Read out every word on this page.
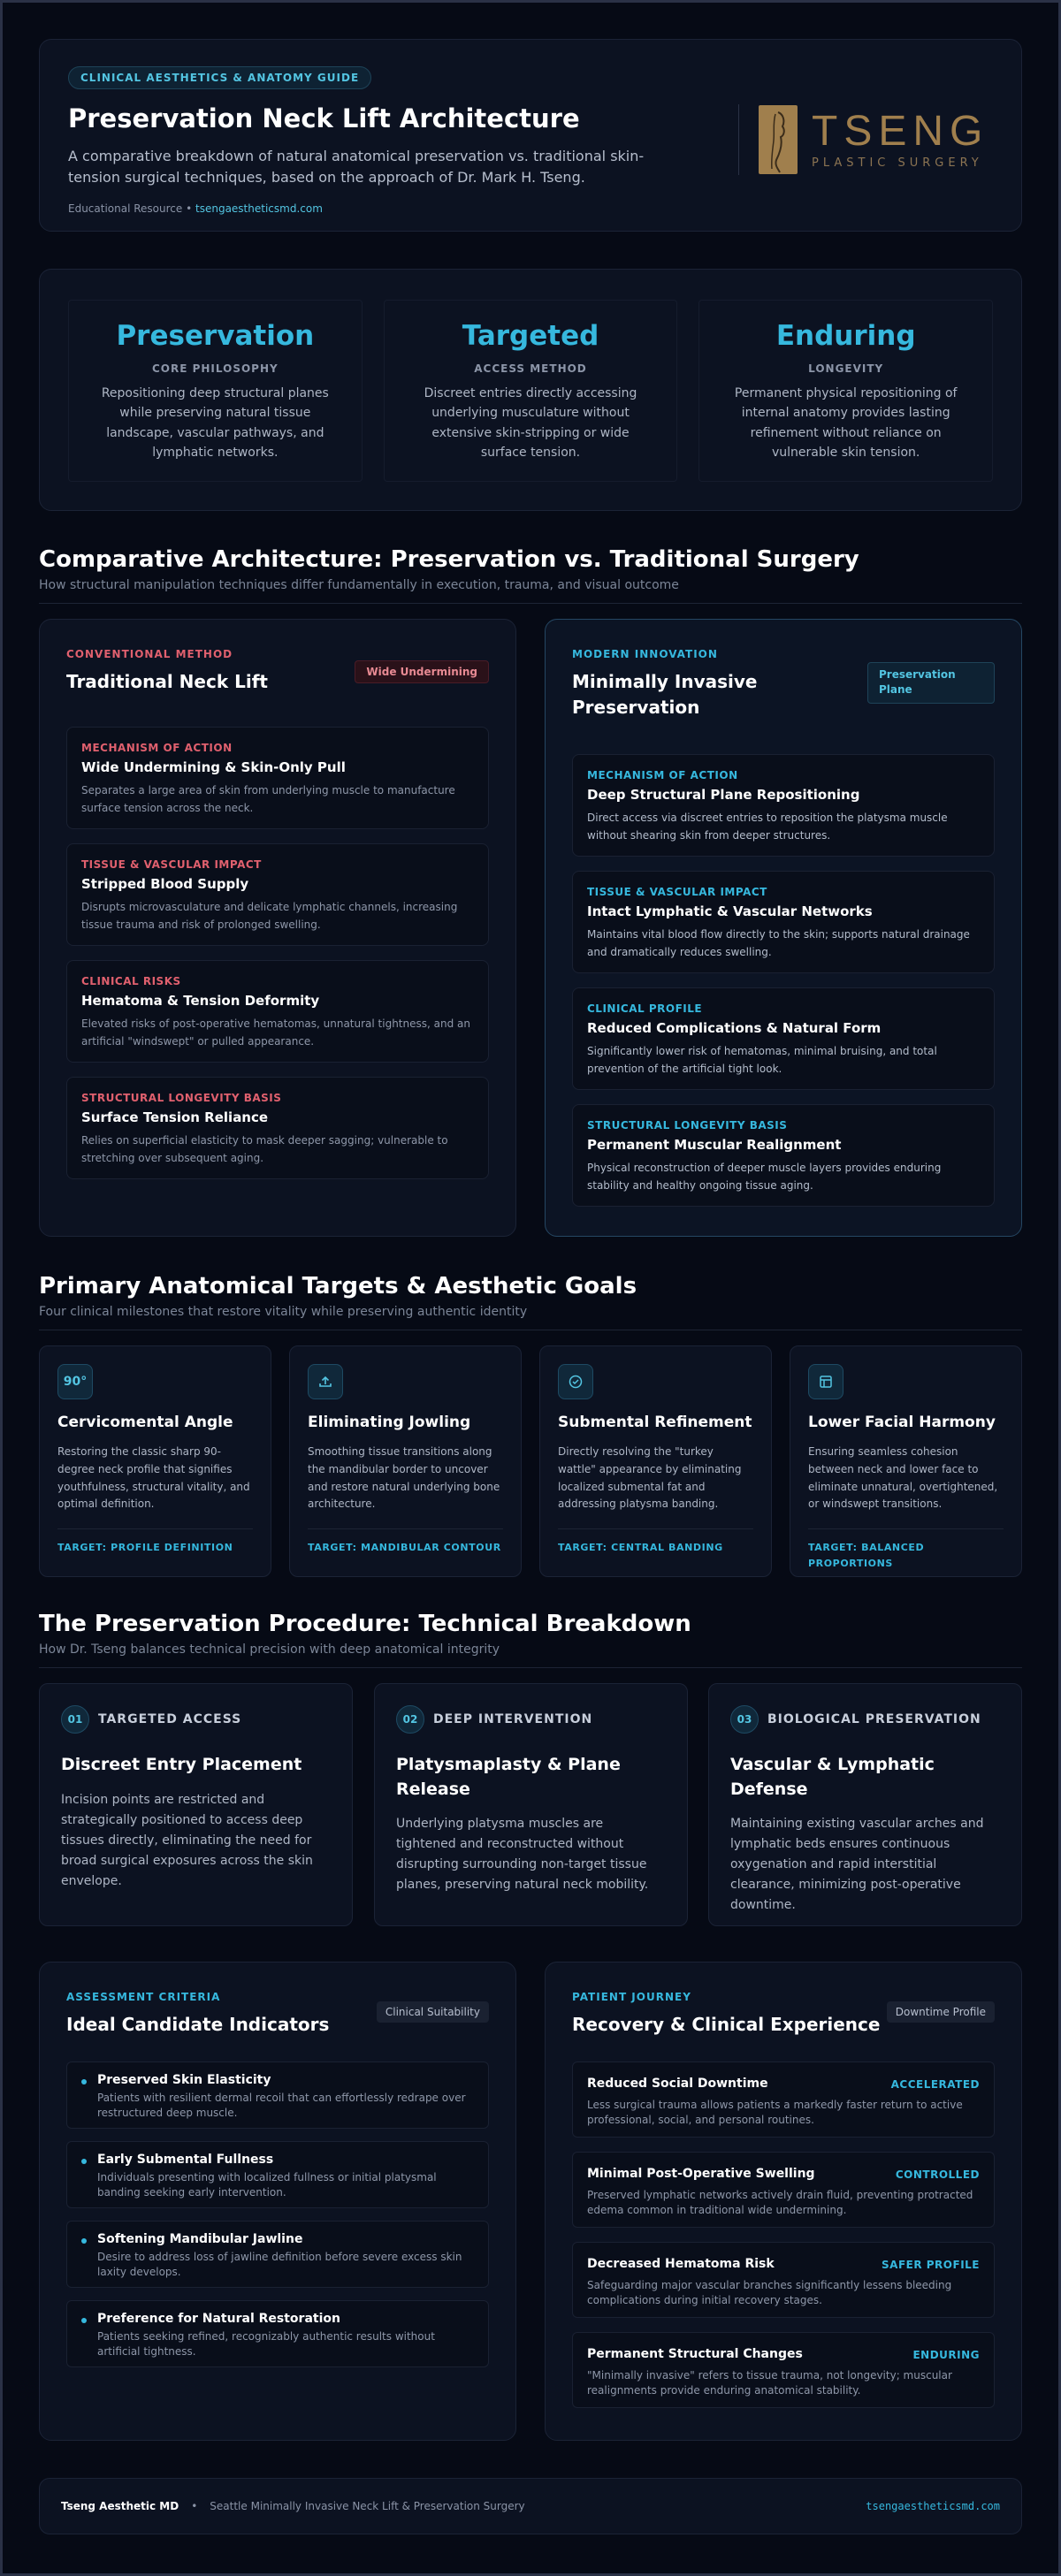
CLINICAL AESTHETICS & ANATOMY GUIDE
Preservation Neck Lift Architecture
A comparative breakdown of natural anatomical preservation vs. traditional skin-tension surgical techniques, based on the approach of Dr. Mark H. Tseng.
Educational Resource • tsengaestheticsmd.com
TSENG
PLASTIC SURGERY
Preservation
CORE PHILOSOPHY

Repositioning deep structural planes while preserving natural tissue landscape, vascular pathways, and lymphatic networks.

Targeted
ACCESS METHOD

Discreet entries directly accessing underlying musculature without extensive skin-stripping or wide surface tension.

Enduring
LONGEVITY

Permanent physical repositioning of internal anatomy provides lasting refinement without reliance on vulnerable skin tension.

Comparative Architecture: Preservation vs. Traditional Surgery
How structural manipulation techniques differ fundamentally in execution, trauma, and visual outcome
CONVENTIONAL METHOD
Traditional Neck Lift	Wide Undermining
MECHANISM OF ACTION
Wide Undermining & Skin-Only Pull
Separates a large area of skin from underlying muscle to manufacture surface tension across the neck.
TISSUE & VASCULAR IMPACT
Stripped Blood Supply
Disrupts microvasculature and delicate lymphatic channels, increasing tissue trauma and risk of prolonged swelling.
CLINICAL RISKS
Hematoma & Tension Deformity
Elevated risks of post-operative hematomas, unnatural tightness, and an artificial "windswept" or pulled appearance.
STRUCTURAL LONGEVITY BASIS
Surface Tension Reliance
Relies on superficial elasticity to mask deeper sagging; vulnerable to stretching over subsequent aging.
MODERN INNOVATION
Minimally Invasive Preservation
Preservation Plane
MECHANISM OF ACTION
Deep Structural Plane Repositioning
Direct access via discreet entries to reposition the platysma muscle without shearing skin from deeper structures.
TISSUE & VASCULAR IMPACT
Intact Lymphatic & Vascular Networks
Maintains vital blood flow directly to the skin; supports natural drainage and dramatically reduces swelling.
CLINICAL PROFILE
Reduced Complications & Natural Form
Significantly lower risk of hematomas, minimal bruising, and total prevention of the artificial tight look.
STRUCTURAL LONGEVITY BASIS
Permanent Muscular Realignment
Physical reconstruction of deeper muscle layers provides enduring stability and healthy ongoing tissue aging.
Primary Anatomical Targets & Aesthetic Goals
Four clinical milestones that restore vitality while preserving authentic identity
90°
Cervicomental Angle

Restoring the classic sharp 90-degree neck profile that signifies youthfulness, structural vitality, and optimal definition.

TARGET: PROFILE DEFINITION
Eliminating Jowling

Smoothing tissue transitions along the mandibular border to uncover and restore natural underlying bone architecture.

TARGET: MANDIBULAR CONTOUR
Submental Refinement

Directly resolving the "turkey wattle" appearance by eliminating localized submental fat and addressing platysma banding.

TARGET: CENTRAL BANDING
Lower Facial Harmony

Ensuring seamless cohesion between neck and lower face to eliminate unnatural, overtightened, or windswept transitions.

TARGET: BALANCED PROPORTIONS
The Preservation Procedure: Technical Breakdown
How Dr. Tseng balances technical precision with deep anatomical integrity
01 TARGETED ACCESS
Discreet Entry Placement

Incision points are restricted and strategically positioned to access deep tissues directly, eliminating the need for broad surgical exposures across the skin envelope.

02 DEEP INTERVENTION
Platysmaplasty & Plane Release

Underlying platysma muscles are tightened and reconstructed without disrupting surrounding non-target tissue planes, preserving natural neck mobility.

03 BIOLOGICAL PRESERVATION
Vascular & Lymphatic Defense

Maintaining existing vascular arches and lymphatic beds ensures continuous oxygenation and rapid interstitial clearance, minimizing post-operative downtime.

ASSESSMENT CRITERIA
Ideal Candidate Indicators
Clinical Suitability
Preserved Skin Elasticity
Patients with resilient dermal recoil that can effortlessly redrape over restructured deep muscle.
Early Submental Fullness
Individuals presenting with localized fullness or initial platysmal banding seeking early intervention.
Softening Mandibular Jawline
Desire to address loss of jawline definition before severe excess skin laxity develops.
Preference for Natural Restoration
Patients seeking refined, recognizably authentic results without artificial tightness.
PATIENT JOURNEY
Recovery & Clinical Experience
Downtime Profile
Reduced Social Downtime	ACCELERATED
Less surgical trauma allows patients a markedly faster return to active professional, social, and personal routines.
Minimal Post-Operative Swelling	CONTROLLED
Preserved lymphatic networks actively drain fluid, preventing protracted edema common in traditional wide undermining.
Decreased Hematoma Risk	SAFER PROFILE
Safeguarding major vascular branches significantly lessens bleeding complications during initial recovery stages.
Permanent Structural Changes	ENDURING
"Minimally invasive" refers to tissue trauma, not longevity; muscular realignments provide enduring anatomical stability.
Tseng Aesthetic MD • Seattle Minimally Invasive Neck Lift & Preservation Surgery	tsengaestheticsmd.com
